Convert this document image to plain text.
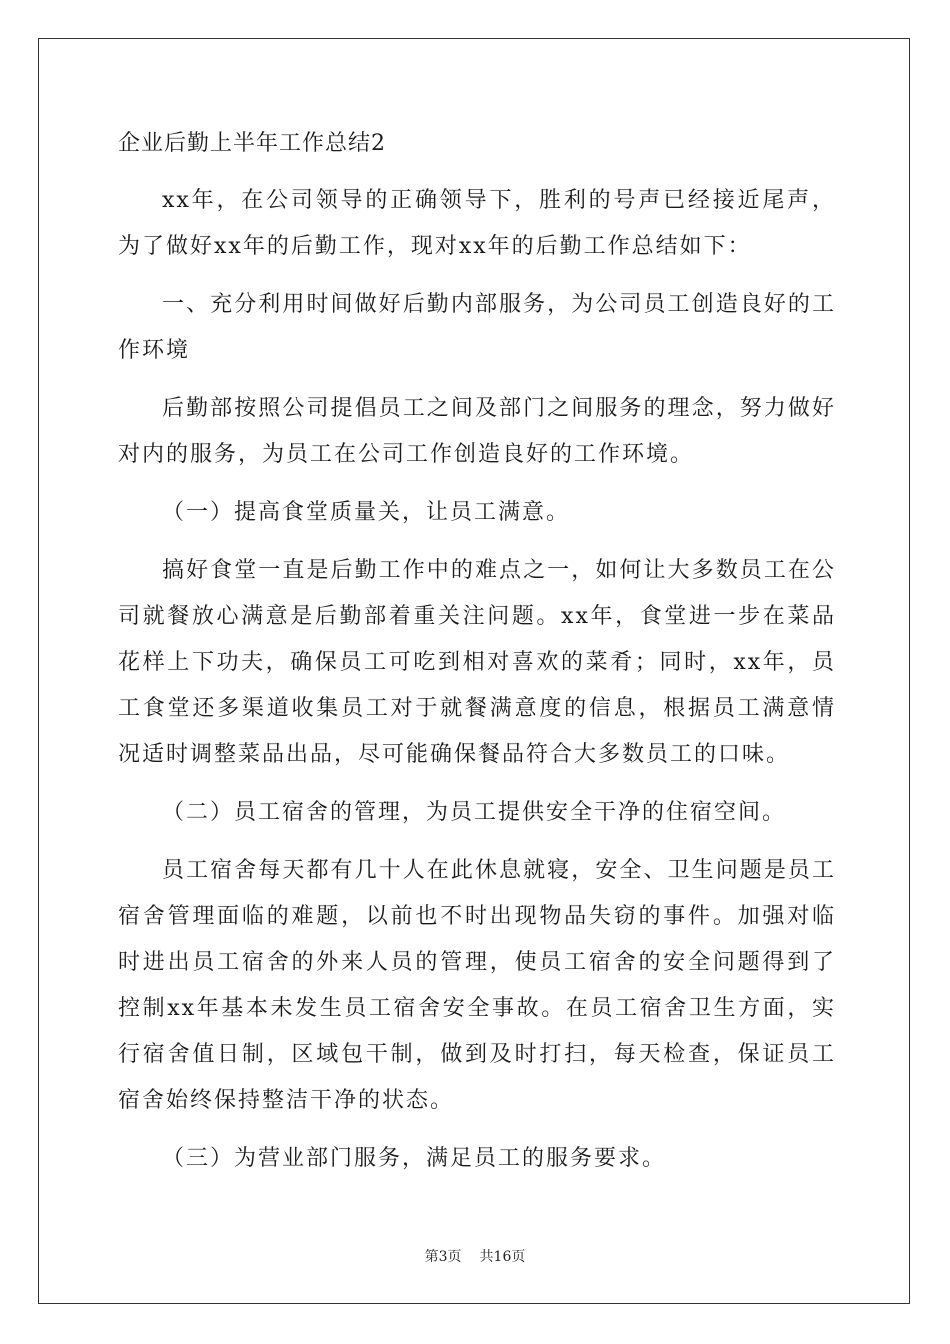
企业后勤上半年工作总结2

xx年，在公司领导的正确领导下，胜利的号声已经接近尾声，为了做好xx年的后勤工作，现对xx年的后勤工作总结如下：

一、充分利用时间做好后勤内部服务，为公司员工创造良好的工作环境

后勤部按照公司提倡员工之间及部门之间服务的理念，努力做好对内的服务，为员工在公司工作创造良好的工作环境。

（一）提高食堂质量关，让员工满意。

搞好食堂一直是后勤工作中的难点之一，如何让大多数员工在公司就餐放心满意是后勤部着重关注问题。xx年，食堂进一步在菜品花样上下功夫，确保员工可吃到相对喜欢的菜肴；同时，xx年，员工食堂还多渠道收集员工对于就餐满意度的信息，根据员工满意情况适时调整菜品出品，尽可能确保餐品符合大多数员工的口味。

（二）员工宿舍的管理，为员工提供安全干净的住宿空间。

员工宿舍每天都有几十人在此休息就寝，安全、卫生问题是员工宿舍管理面临的难题，以前也不时出现物品失窃的事件。加强对临时进出员工宿舍的外来人员的管理，使员工宿舍的安全问题得到了控制xx年基本未发生员工宿舍安全事故。在员工宿舍卫生方面，实行宿舍值日制，区域包干制，做到及时打扫，每天检查，保证员工宿舍始终保持整洁干净的状态。

（三）为营业部门服务，满足员工的服务要求。

第3页 共16页
